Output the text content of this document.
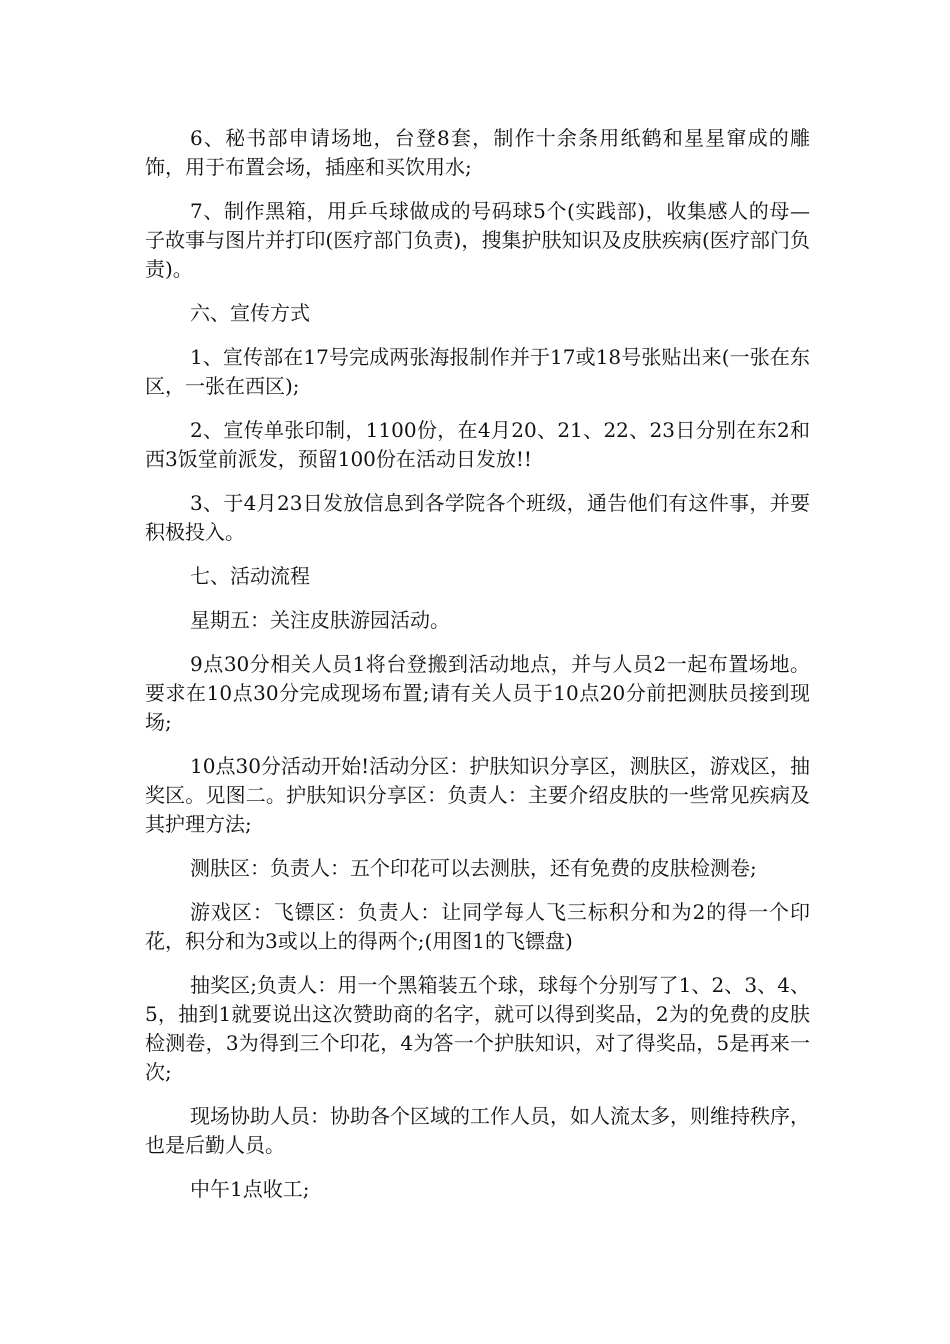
6、秘书部申请场地，台登8套，制作十余条用纸鹤和星星窜成的雕饰，用于布置会场，插座和买饮用水;

7、制作黑箱，用乒乓球做成的号码球5个(实践部)，收集感人的母—子故事与图片并打印(医疗部门负责)，搜集护肤知识及皮肤疾病(医疗部门负责)。

六、宣传方式

1、宣传部在17号完成两张海报制作并于17或18号张贴出来(一张在东区，一张在西区);

2、宣传单张印制，1100份，在4月20、21、22、23日分别在东2和西3饭堂前派发，预留100份在活动日发放!!

3、于4月23日发放信息到各学院各个班级，通告他们有这件事，并要积极投入。

七、活动流程

星期五：关注皮肤游园活动。

9点30分相关人员1将台登搬到活动地点，并与人员2一起布置场地。要求在10点30分完成现场布置;请有关人员于10点20分前把测肤员接到现场;

10点30分活动开始!活动分区：护肤知识分享区，测肤区，游戏区，抽奖区。见图二。护肤知识分享区：负责人：主要介绍皮肤的一些常见疾病及其护理方法;

测肤区：负责人：五个印花可以去测肤，还有免费的皮肤检测卷;

游戏区：飞镖区：负责人：让同学每人飞三标积分和为2的得一个印花，积分和为3或以上的得两个;(用图1的飞镖盘)

抽奖区;负责人：用一个黑箱装五个球，球每个分别写了1、2、3、4、5，抽到1就要说出这次赞助商的名字，就可以得到奖品，2为的免费的皮肤检测卷，3为得到三个印花，4为答一个护肤知识，对了得奖品，5是再来一次;

现场协助人员：协助各个区域的工作人员，如人流太多，则维持秩序，也是后勤人员。

中午1点收工;
